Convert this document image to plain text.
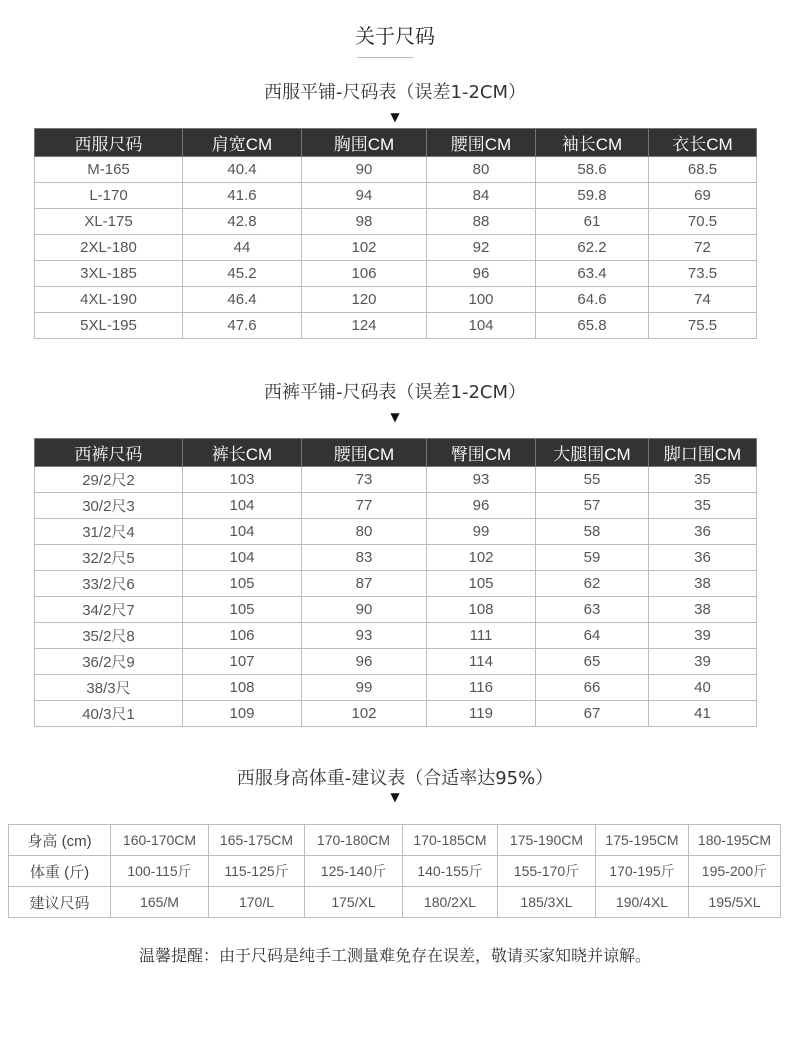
关于尺码
西服平铺-尺码表（误差1-2CM）
▼
西服尺码	肩宽CM	胸围CM	腰围CM	袖长CM	衣长CM
M-165	40.4	90	80	58.6	68.5
L-170	41.6	94	84	59.8	69
XL-175	42.8	98	88	61	70.5
2XL-180	44	102	92	62.2	72
3XL-185	45.2	106	96	63.4	73.5
4XL-190	46.4	120	100	64.6	74
5XL-195	47.6	124	104	65.8	75.5
西裤平铺-尺码表（误差1-2CM）
▼
西裤尺码	裤长CM	腰围CM	臀围CM	大腿围CM	脚口围CM
29/2尺2	103	73	93	55	35
30/2尺3	104	77	96	57	35
31/2尺4	104	80	99	58	36
32/2尺5	104	83	102	59	36
33/2尺6	105	87	105	62	38
34/2尺7	105	90	108	63	38
35/2尺8	106	93	111	64	39
36/2尺9	107	96	114	65	39
38/3尺	108	99	116	66	40
40/3尺1	109	102	119	67	41
西服身高体重-建议表（合适率达95%）
▼
身高 (cm)	160-170CM	165-175CM	170-180CM	170-185CM	175-190CM	175-195CM	180-195CM
体重 (斤)	100-115斤	115-125斤	125-140斤	140-155斤	155-170斤	170-195斤	195-200斤
建议尺码	165/M	170/L	175/XL	180/2XL	185/3XL	190/4XL	195/5XL
温馨提醒：由于尺码是纯手工测量难免存在误差，敬请买家知晓并谅解。
